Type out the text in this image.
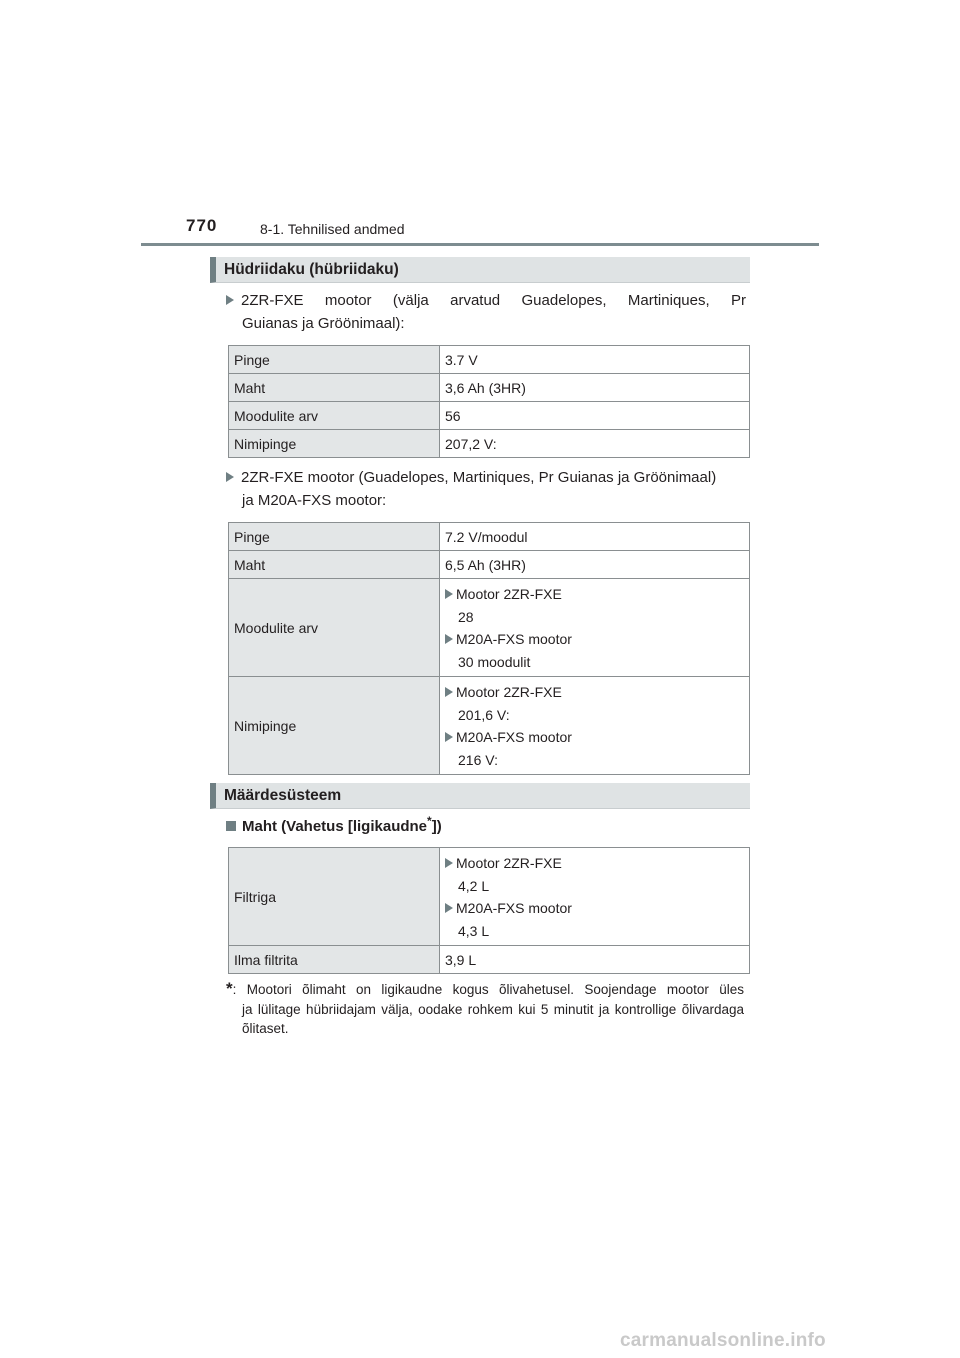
770	8-1. Tehnilised andmed
Hüdriidaku (hübriidaku)
2ZR-FXE mootor (välja arvatud Guadelopes, Martiniques, Pr
Guianas ja Gröönimaal):
Pinge	3.7 V
Maht	3,6 Ah (3HR)
Moodulite arv	56
Nimipinge	207,2 V:
2ZR-FXE mootor (Guadelopes, Martiniques, Pr Guianas ja Gröönimaal)
ja M20A-FXS mootor:
Pinge	7.2 V/moodul
Maht	6,5 Ah (3HR)
Moodulite arv	Mootor 2ZR-FXE
28
M20A-FXS mootor
30 moodulit

Nimipinge	Mootor 2ZR-FXE
201,6 V:
M20A-FXS mootor
216 V:
Määrdesüsteem
Maht (Vahetus [ligikaudne*])
Filtriga	Mootor 2ZR-FXE
4,2 L
M20A-FXS mootor
4,3 L

Ilma filtrita	3,9 L
*: Mootori õlimaht on ligikaudne kogus õlivahetusel. Soojendage mootor üles
ja lülitage hübriidajam välja, oodake rohkem kui 5 minutit ja kontrollige õlivardaga õlitaset.
carmanualsonline.info
